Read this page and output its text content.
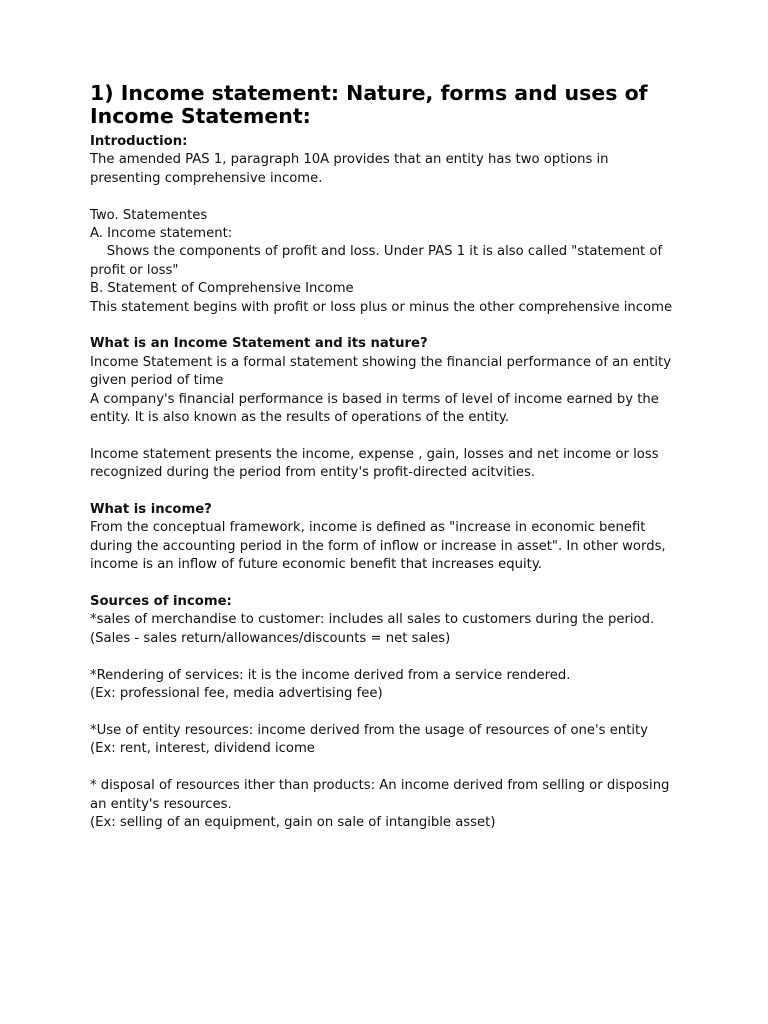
1) Income statement: Nature, forms and uses of
Income Statement:

Introduction:

The amended PAS 1, paragraph 10A provides that an entity has two options in

presenting comprehensive income.

Two. Statementes

A. Income statement:

Shows the components of profit and loss. Under PAS 1 it is also called "statement of

profit or loss"

B. Statement of Comprehensive Income

This statement begins with profit or loss plus or minus the other comprehensive income

What is an Income Statement and its nature?

Income Statement is a formal statement showing the financial performance of an entity

given period of time

A company's financial performance is based in terms of level of income earned by the

entity. It is also known as the results of operations of the entity.

Income statement presents the income, expense , gain, losses and net income or loss

recognized during the period from entity's profit-directed acitvities.

What is income?

From the conceptual framework, income is defined as "increase in economic benefit

during the accounting period in the form of inflow or increase in asset". In other words,

income is an inflow of future economic benefit that increases equity.

Sources of income:

*sales of merchandise to customer: includes all sales to customers during the period.

(Sales - sales return/allowances/discounts = net sales)

*Rendering of services: it is the income derived from a service rendered.

(Ex: professional fee, media advertising fee)

*Use of entity resources: income derived from the usage of resources of one's entity

(Ex: rent, interest, dividend icome

* disposal of resources ither than products: An income derived from selling or disposing

an entity's resources.

(Ex: selling of an equipment, gain on sale of intangible asset)
